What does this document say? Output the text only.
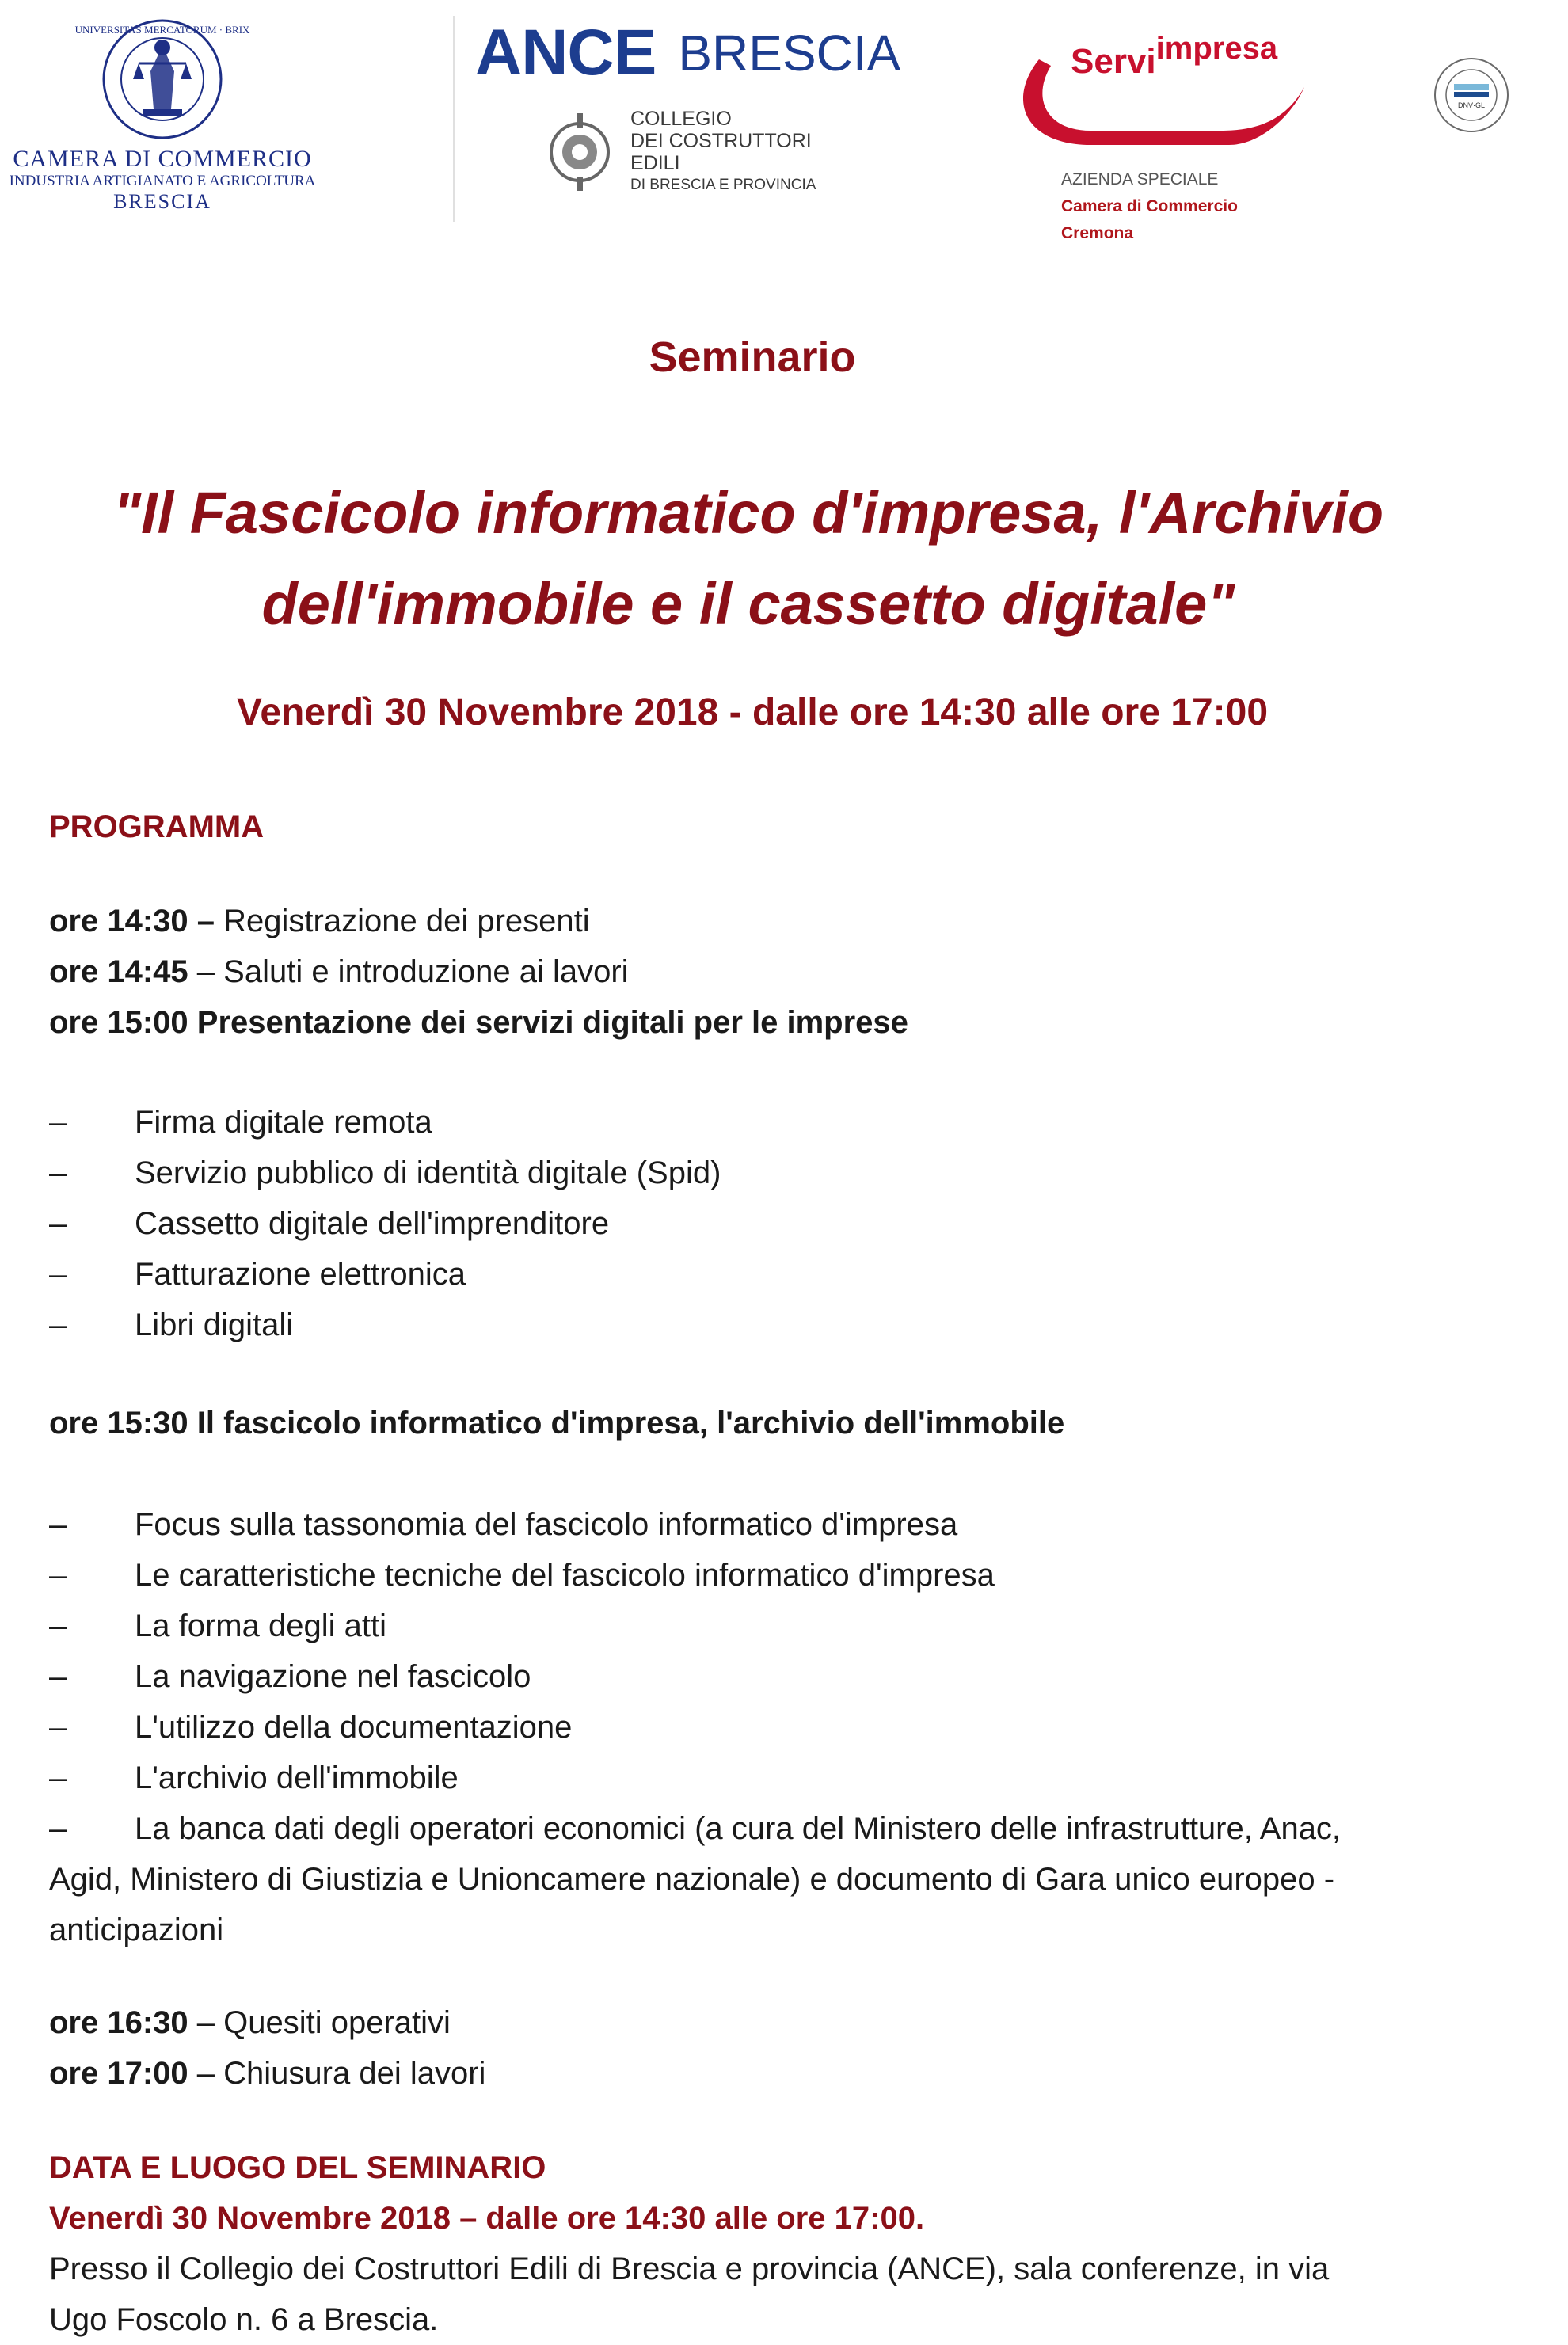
UNIVERSITAS MERCATORUM · BRIX
CAMERA DI COMMERCIO
INDUSTRIA ARTIGIANATO E AGRICOLTURA
BRESCIA
ANCE BRESCIA
COLLEGIO
DEI COSTRUTTORI
EDILI
DI BRESCIA E PROVINCIA
Serviimpresa
AZIENDA SPECIALE
Camera di Commercio Cremona
DNV·GL
Seminario
"Il Fascicolo informatico d'impresa, l'Archivio
dell'immobile e il cassetto digitale"
Venerdì 30 Novembre 2018 - dalle ore 14:30 alle ore 17:00
PROGRAMMA
ore 14:30 – Registrazione dei presenti
ore 14:45 – Saluti e introduzione ai lavori
ore 15:00 Presentazione dei servizi digitali per le imprese
– Firma digitale remota
– Servizio pubblico di identità digitale (Spid)
– Cassetto digitale dell'imprenditore
– Fatturazione elettronica
– Libri digitali
ore 15:30 Il fascicolo informatico d'impresa, l'archivio dell'immobile
– Focus sulla tassonomia del fascicolo informatico d'impresa
– Le caratteristiche tecniche del fascicolo informatico d'impresa
– La forma degli atti
– La navigazione nel fascicolo
– L'utilizzo della documentazione
– L'archivio dell'immobile
– La banca dati degli operatori economici (a cura del Ministero delle infrastrutture, Anac,
Agid, Ministero di Giustizia e Unioncamere nazionale) e documento di Gara unico europeo -
anticipazioni
ore 16:30 – Quesiti operativi
ore 17:00 – Chiusura dei lavori
DATA E LUOGO DEL SEMINARIO
Venerdì 30 Novembre 2018 – dalle ore 14:30 alle ore 17:00.
Presso il Collegio dei Costruttori Edili di Brescia e provincia (ANCE), sala conferenze, in via
Ugo Foscolo n. 6 a Brescia.
